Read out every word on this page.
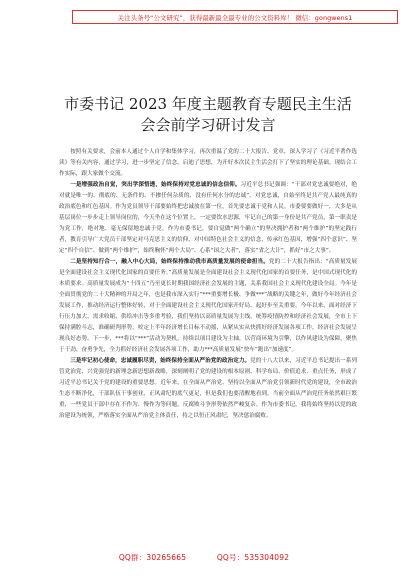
关注头条号“公文研究”，获得最新最全最专业的公文资料库！ 微信：gongwens1
市委书记 2023 年度主题教育专题民主生活
会会前学习研讨发言

按照有关要求，会前本人通过个人自学和集体学习，再次重温了党的二十大报告、党章，深入学习了《习近平著作选读》等有关内容，通过学习，进一步坚定了信念，启迪了思想，为开好本次民主生活会打下了坚实的理论基础。现结合工作实际，跟大家做个交流。

一是增强政治自觉，突出学深悟透，始终保持对党忠诚的信念信仰。习近平总书记强调：“干部对党忠诚要绝对，绝对就是唯一的、彻底的、无条件的、不掺任何杂质的、没有任何水分的忠诚”。对党忠诚，自始至终是共产党人最纯真的政治底色和红色基因。作为党员领导干部要始终把忠诚放在第一位，首先要忠诚于党和人民。市委要要做好一，大多是从基层岗位一步步走上领导岗位的，今天坐在这个位置上，一定要饮水思源，牢记自己的第一身份是共产党员，第一职责是为党工作，绝对地、毫无保留地忠诚于党。作为市委书记，要自觉做“两个确立”的坚决拥护者和“两个维护”的坚定践行者，教育引导广大党员干部坚定对马克思主义的信仰，对中国特色社会主义的信念，传承红色基因，增强“四个意识”、坚定“四个自信”、做到“两个维护”，始终胸怀“两个大局”、心系“国之大者”，落实“省之大计”，抓好“市之大事”。

二是坚持知行合一，融入中心大局，始终保持推动我市高质量发展的使命担当。党的二十大报告指出：“高质量发展是全面建设社会主义现代化国家的首要任务。”高质量发展是全面建设社会主义现代化国家的首要任务，是中国式现代化的本质要求。高质量发展成为“十四五”乃至更长时期我国经济社会发展的主题，关系我国社会主义现代化建设全局。今年是全面贯彻党的二十大精神的开局之年，也是我市深入实行“***重要增长极、争做***”战略的关键之年，做好今年经济社会发展工作，推动经济运行整体好转，对于全面建设社会主义现代化国家开好局、起好步至关重要。今年以来，面对经济下行压力加大、需求收缩、供给冲击等多重考验，我们坚持以高质量发展为主线，统筹疫情防控和经济社会发展，全市上下保持满腔斗志，准确研判形势，咬定上半年经济增长目标不动摇，从紧从实从快抓好经济发展各项工作，经济社会发展呈现良好态势。下一步，***将以“***”活动为契机，持续以项目建设为主轴，以营商环境为引擎，以作风建设为保障，聚焦于干劲、奋勇争先，全力抓好经济社会发展各项工作，助力***高质量发展“快车”跑出“加速度”。

三是牢记初心使命，忠诚履职尽责，始终保持全面从严治党的政治定力。党的十八大以来，习近平总书记提出一系列管党治党、兴党强党的新理念新思想新战略，深刻阐明了党的建设的根本原则、科学布局、价值追求、重点任务，形成了习近平总书记关于党的建设的重要思想。近年来，在全面从严治党、坚持以全面从严治党引领新时代党的建设，全市政治生态不断净化，干部队伍干事创业、正风肃纪的底气更足，但是我们也要清醒地看到，当前全面从严治党任务依然艰巨繁重，一些党员干部中存在不作为、慢作为等问题，反腐败斗争形势依然严峻复杂。作为市委书记，我将始终坚持以党的政治建设为统领，严格落实全面从严治党主体责任，持之以恒正风肃纪，坚决惩治腐败。

QQ群：30265665	QQ号：535304092
